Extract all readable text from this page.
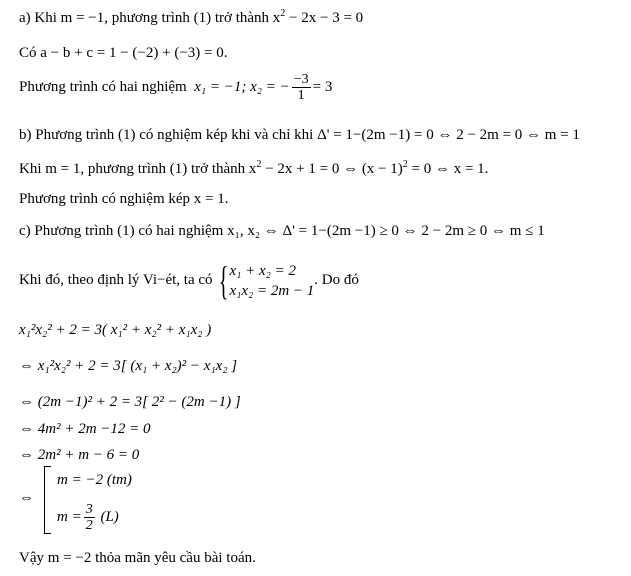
a) Khi m = −1, phương trình (1) trở thành $x^2 - 2x - 3 = 0$
Có a − b + c = 1 − (−2) + (−3) = 0.
Phương trình có hai nghiệm x₁ = −1; x₂ = − $\frac{-3}{1} = 3$
b) Phương trình (1) có nghiệm kép khi và chỉ khi Δ' = 1−(2m −1) = 0 ⇔ 2 − 2m = 0 ⇔ m = 1
Khi m = 1, phương trình (1) trở thành $x^2 - 2x + 1 = 0$ ⇔ $(x - 1)^2 = 0$ ⇔ x = 1.
Phương trình có nghiệm kép x = 1.
c) Phương trình (1) có hai nghiệm x₁, x₂ ⇔ Δ' = 1−(2m −1) ≥ 0 ⇔ 2 − 2m ≥ 0 ⇔ m ≤ 1
Khi đó, theo định lý Vi−ét, ta có { x₁ + x₂ = 2
x₁x₂ = 2m − 1
. Do đó
x₁²x₂² + 2 = 3( x₁² + x₂² + x₁x₂ )
⇔ x₁²x₂² + 2 = 3[ (x₁ + x₂)² − x₁x₂ ]
⇔ (2m −1)² + 2 = 3[ 2² − (2m −1) ]
⇔ 4m² + 2m −12 = 0
⇔ 2m² + m − 6 = 0
⇔
m = −2 (tm)
$m = \frac{3}{2} (L)$
Vậy m = −2 thỏa mãn yêu cầu bài toán.
